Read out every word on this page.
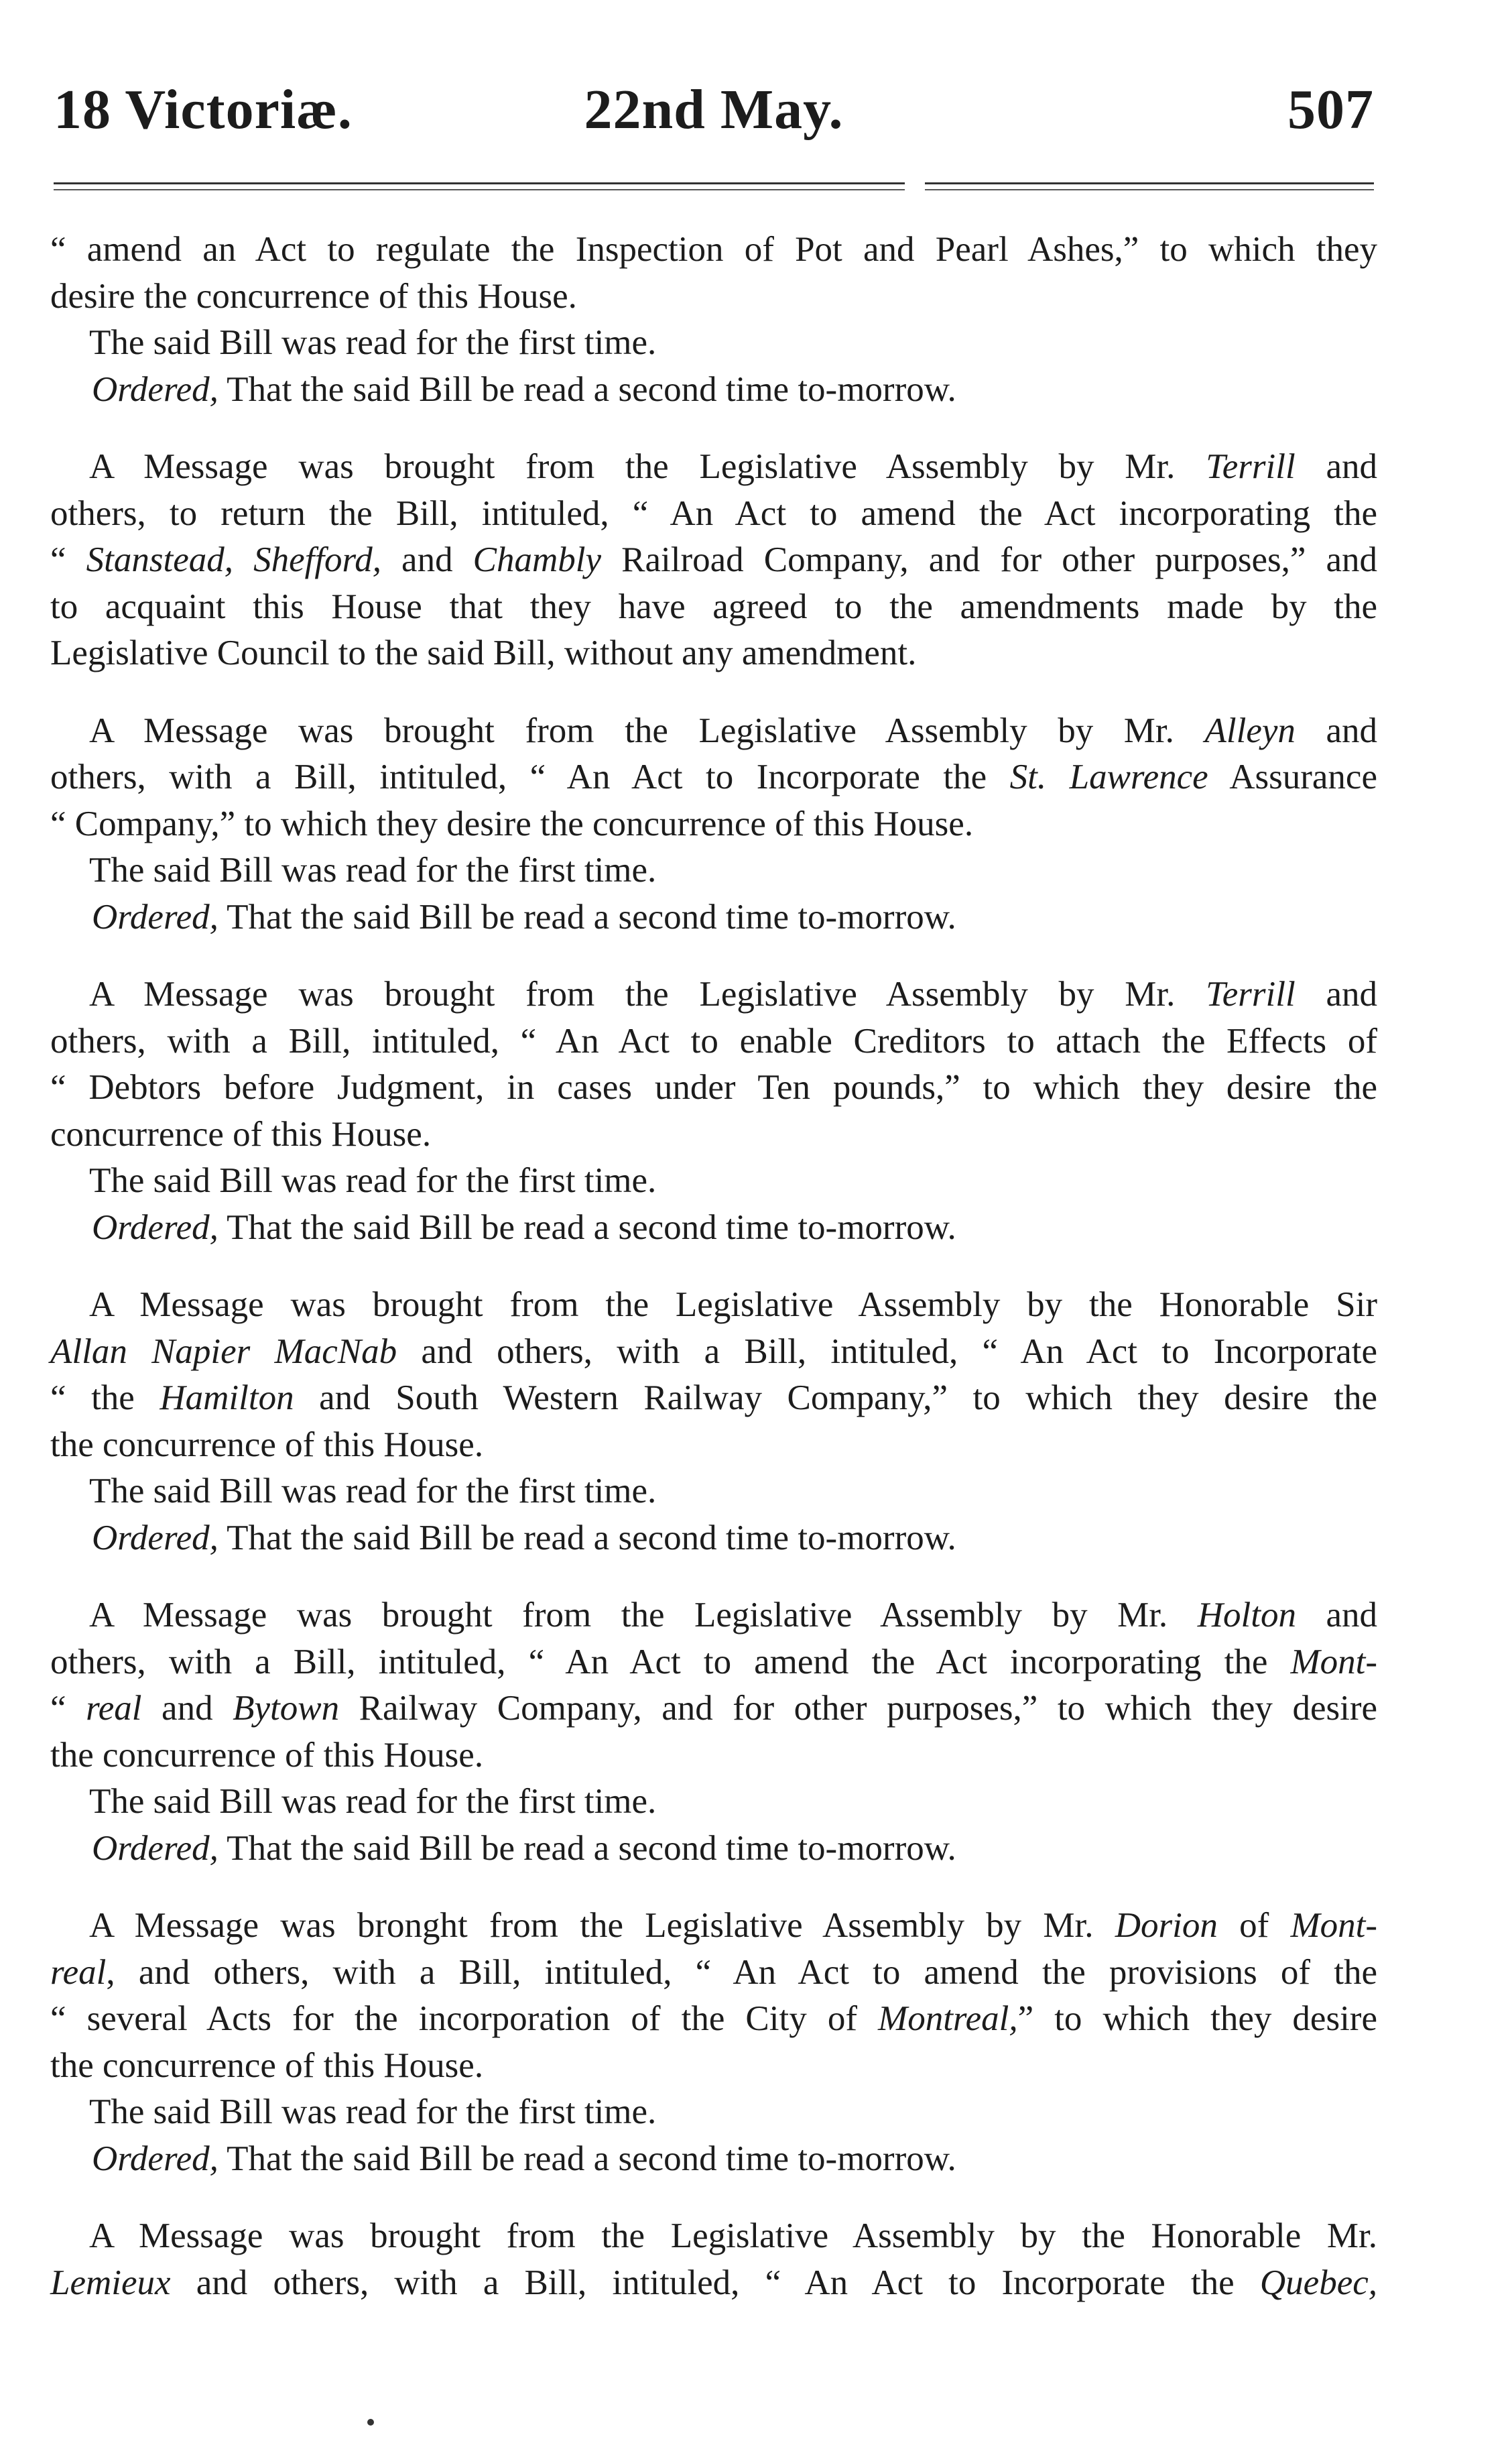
18 Victoriæ.	22nd May.	507

“ amend an Act to regulate the Inspection of Pot and Pearl Ashes,” to which they

desire the concurrence of this House.

The said Bill was read for the first time.

Ordered, That the said Bill be read a second time to-morrow.

A Message was brought from the Legislative Assembly by Mr. Terrill and

others, to return the Bill, intituled, “ An Act to amend the Act incorporating the

“ Stanstead, Shefford, and Chambly Railroad Company, and for other purposes,” and

to acquaint this House that they have agreed to the amendments made by the

Legislative Council to the said Bill, without any amendment.

A Message was brought from the Legislative Assembly by Mr. Alleyn and

others, with a Bill, intituled, “ An Act to Incorporate the St. Lawrence Assurance

“ Company,” to which they desire the concurrence of this House.

The said Bill was read for the first time.

Ordered, That the said Bill be read a second time to-morrow.

A Message was brought from the Legislative Assembly by Mr. Terrill and

others, with a Bill, intituled, “ An Act to enable Creditors to attach the Effects of

“ Debtors before Judgment, in cases under Ten pounds,” to which they desire the

concurrence of this House.

The said Bill was read for the first time.

Ordered, That the said Bill be read a second time to-morrow.

A Message was brought from the Legislative Assembly by the Honorable Sir

Allan Napier MacNab and others, with a Bill, intituled, “ An Act to Incorporate

“ the Hamilton and South Western Railway Company,” to which they desire the

the concurrence of this House.

The said Bill was read for the first time.

Ordered, That the said Bill be read a second time to-morrow.

A Message was brought from the Legislative Assembly by Mr. Holton and

others, with a Bill, intituled, “ An Act to amend the Act incorporating the Mont-

“ real and Bytown Railway Company, and for other purposes,” to which they desire

the concurrence of this House.

The said Bill was read for the first time.

Ordered, That the said Bill be read a second time to-morrow.

A Message was bronght from the Legislative Assembly by Mr. Dorion of Mont-

real, and others, with a Bill, intituled, “ An Act to amend the provisions of the

“ several Acts for the incorporation of the City of Montreal,” to which they desire

the concurrence of this House.

The said Bill was read for the first time.

Ordered, That the said Bill be read a second time to-morrow.

A Message was brought from the Legislative Assembly by the Honorable Mr.

Lemieux and others, with a Bill, intituled, “ An Act to Incorporate the Quebec,
